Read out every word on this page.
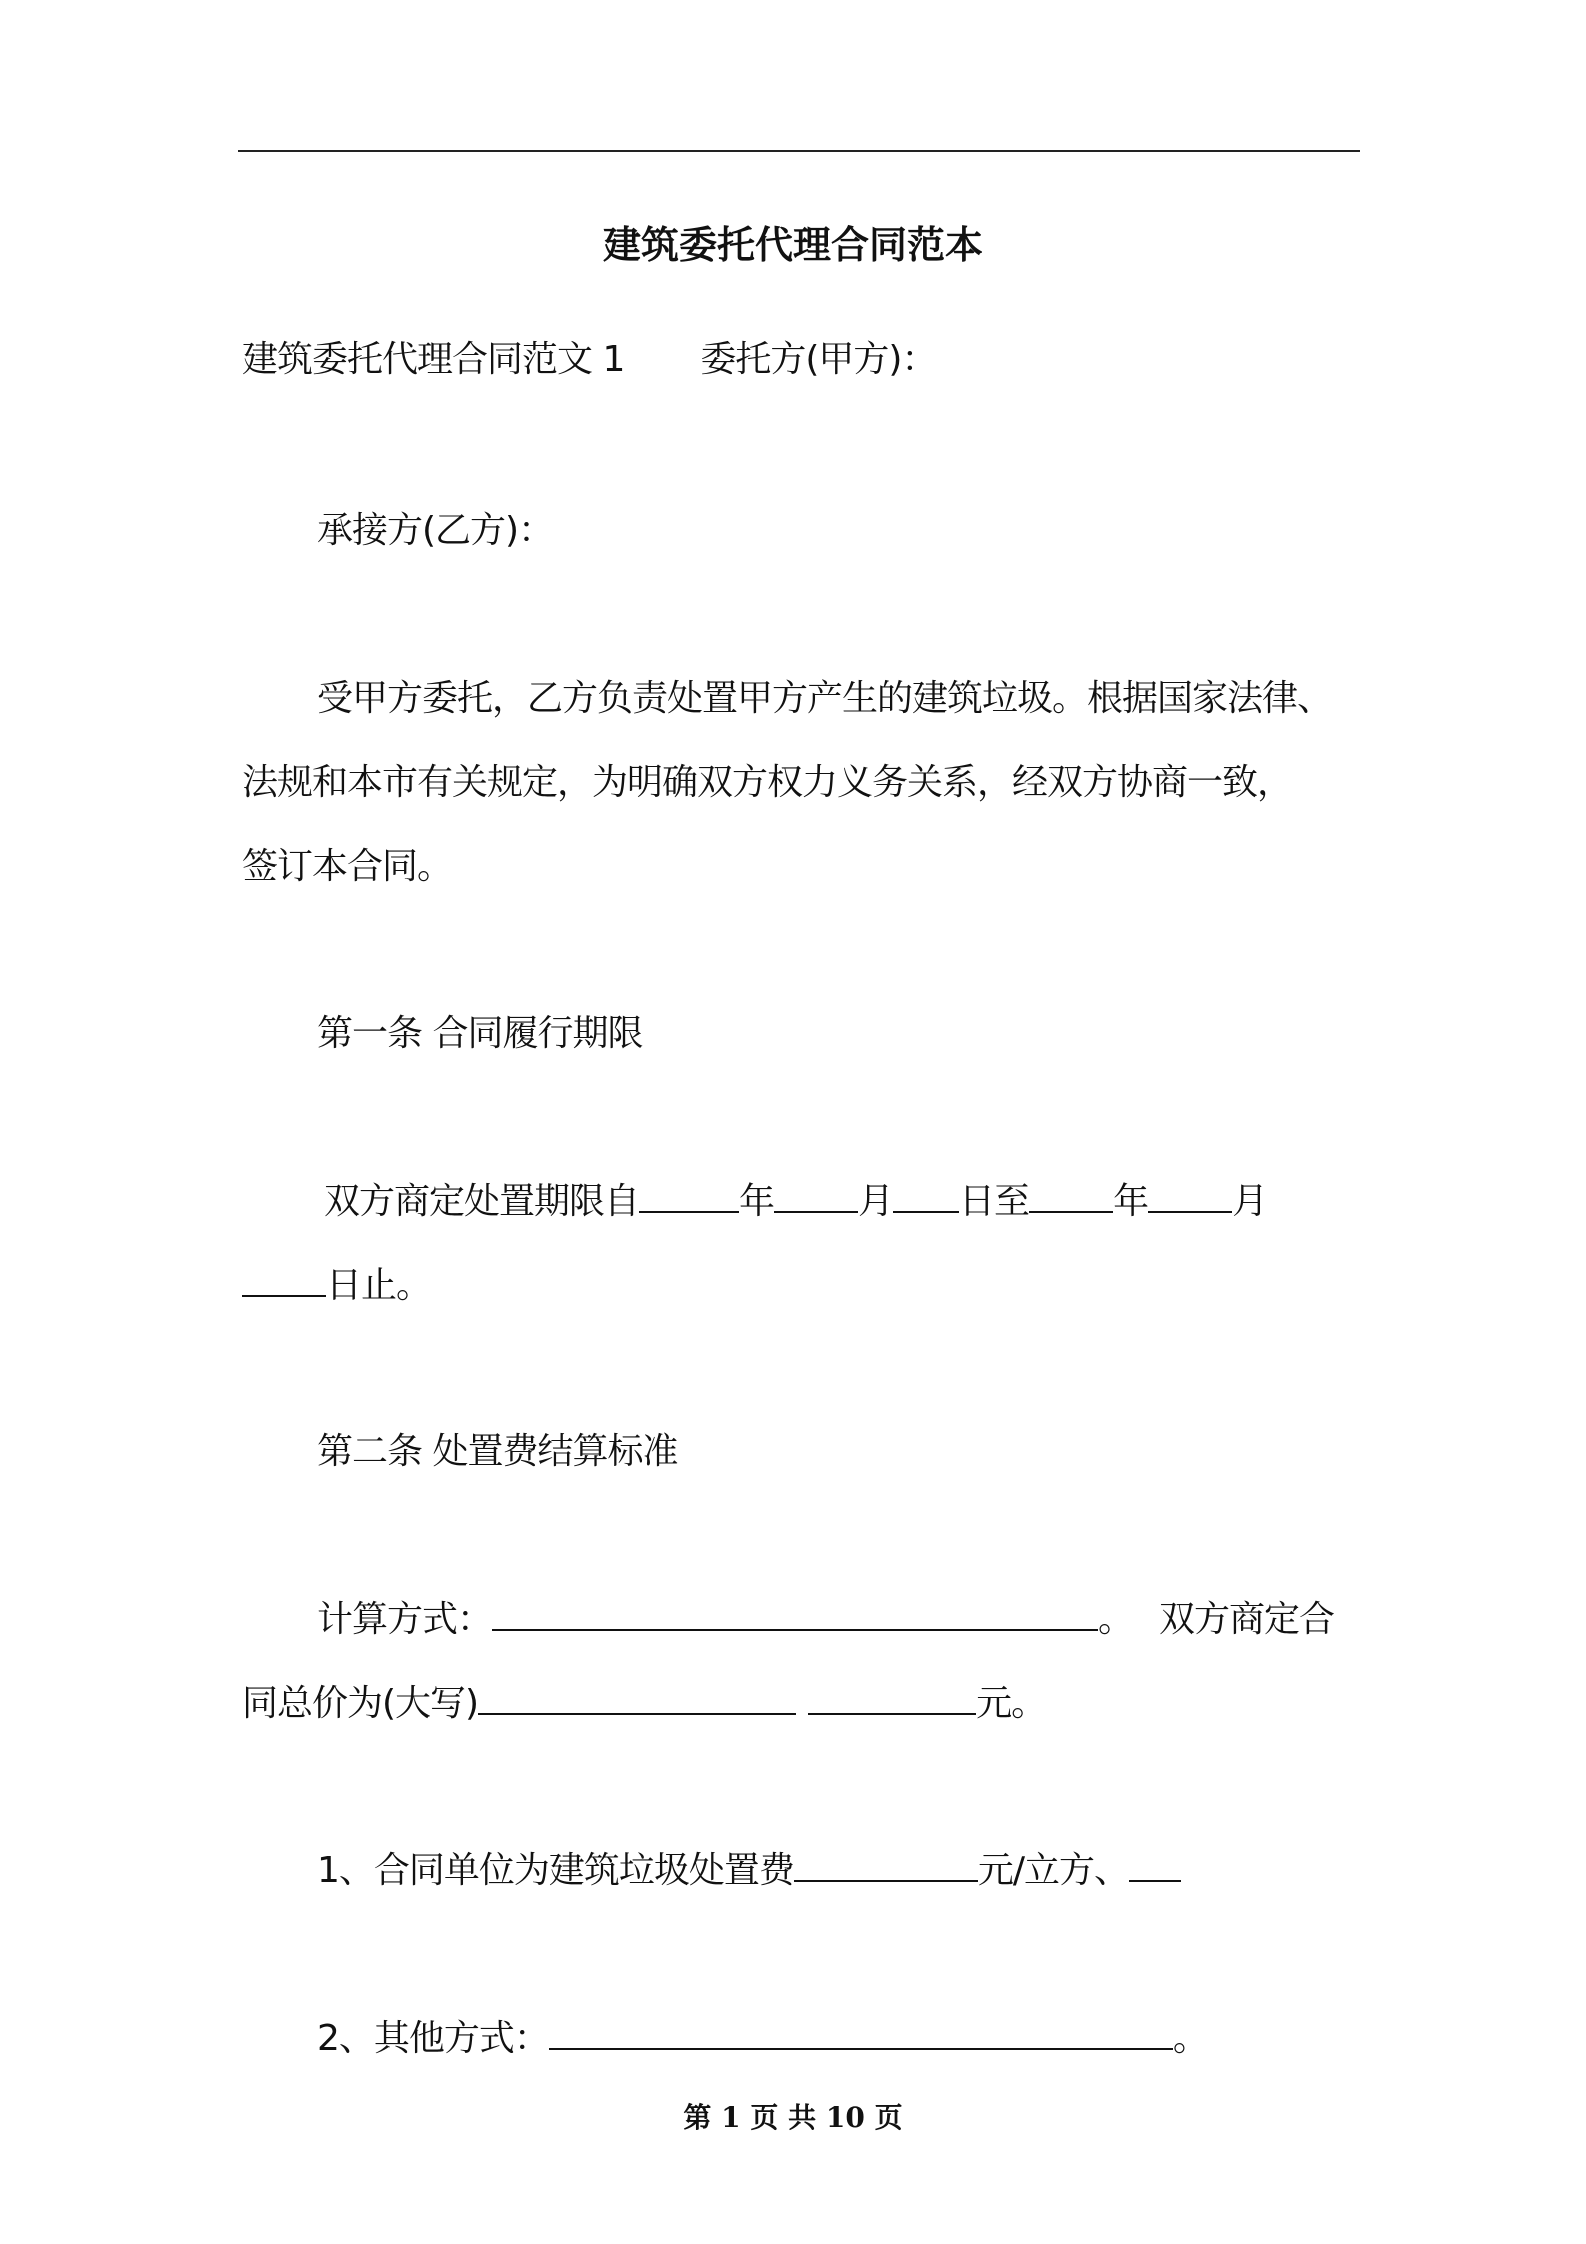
建筑委托代理合同范本
建筑委托代理合同范文 1 委托方(甲方)：
承接方(乙方)：
受甲方委托，乙方负责处置甲方产生的建筑垃圾。根据国家法律、
法规和本市有关规定，为明确双方权力义务关系，经双方协商一致，
签订本合同。
第一条 合同履行期限
双方商定处置期限自	年 月 日至 年 月
日止。
第二条 处置费结算标准
计算方式：	。 双方商定合
同总价为(大写)	元。
1、合同单位为建筑垃圾处置费	元/立方、
2、其他方式：	。
第 1 页 共 10 页
